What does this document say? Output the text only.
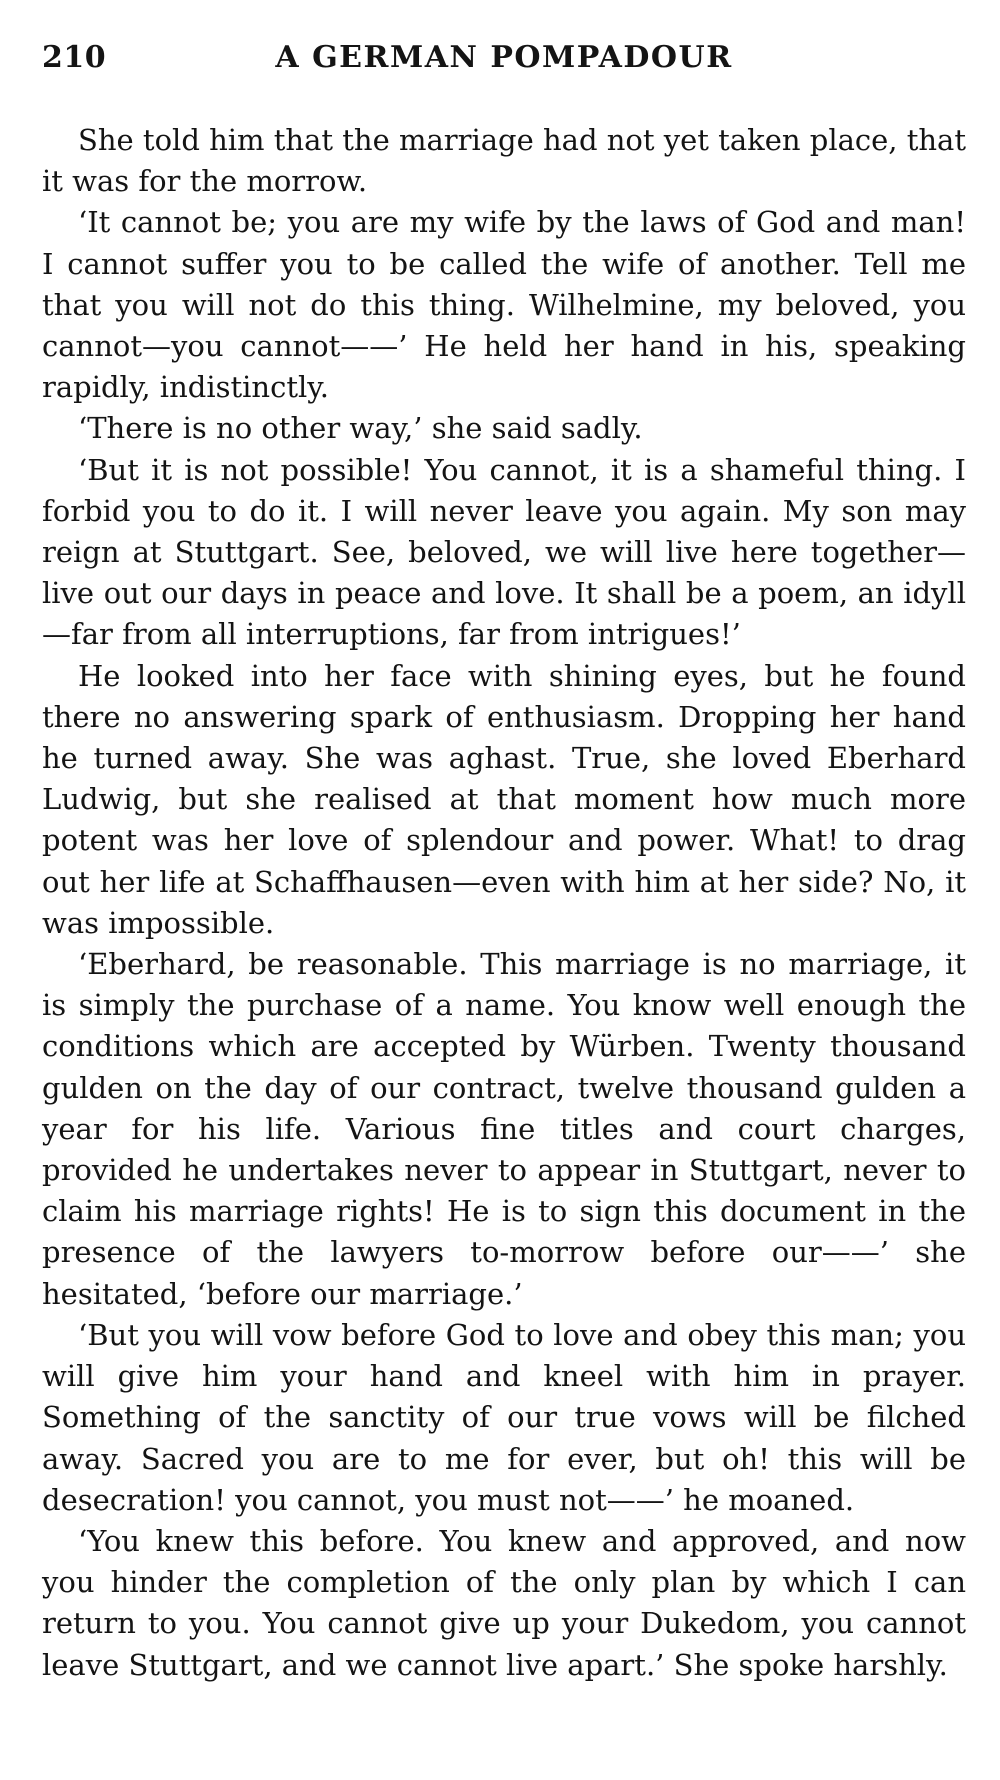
210	A GERMAN POMPADOUR

She told him that the marriage had not yet taken place, that it was for the morrow.

‘It cannot be; you are my wife by the laws of God and man! I cannot suffer you to be called the wife of another. Tell me that you will not do this thing. Wilhelmine, my beloved, you cannot—you cannot——’ He held her hand in his, speaking rapidly, indistinctly.

‘There is no other way,’ she said sadly.

‘But it is not possible! You cannot, it is a shameful thing. I forbid you to do it. I will never leave you again. My son may reign at Stuttgart. See, beloved, we will live here together—live out our days in peace and love. It shall be a poem, an idyll—far from all interruptions, far from intrigues!’

He looked into her face with shining eyes, but he found there no answering spark of enthusiasm. Dropping her hand he turned away. She was aghast. True, she loved Eberhard Ludwig, but she realised at that moment how much more potent was her love of splendour and power. What! to drag out her life at Schaffhausen—even with him at her side? No, it was impossible.

‘Eberhard, be reasonable. This marriage is no marriage, it is simply the purchase of a name. You know well enough the conditions which are accepted by Würben. Twenty thousand gulden on the day of our contract, twelve thousand gulden a year for his life. Various fine titles and court charges, provided he undertakes never to appear in Stuttgart, never to claim his marriage rights! He is to sign this document in the presence of the lawyers to-morrow before our——’ she hesitated, ‘before our marriage.’

‘But you will vow before God to love and obey this man; you will give him your hand and kneel with him in prayer. Something of the sanctity of our true vows will be filched away. Sacred you are to me for ever, but oh! this will be desecration! you cannot, you must not——’ he moaned.

‘You knew this before. You knew and approved, and now you hinder the completion of the only plan by which I can return to you. You cannot give up your Dukedom, you cannot leave Stuttgart, and we cannot live apart.’ She spoke harshly.
